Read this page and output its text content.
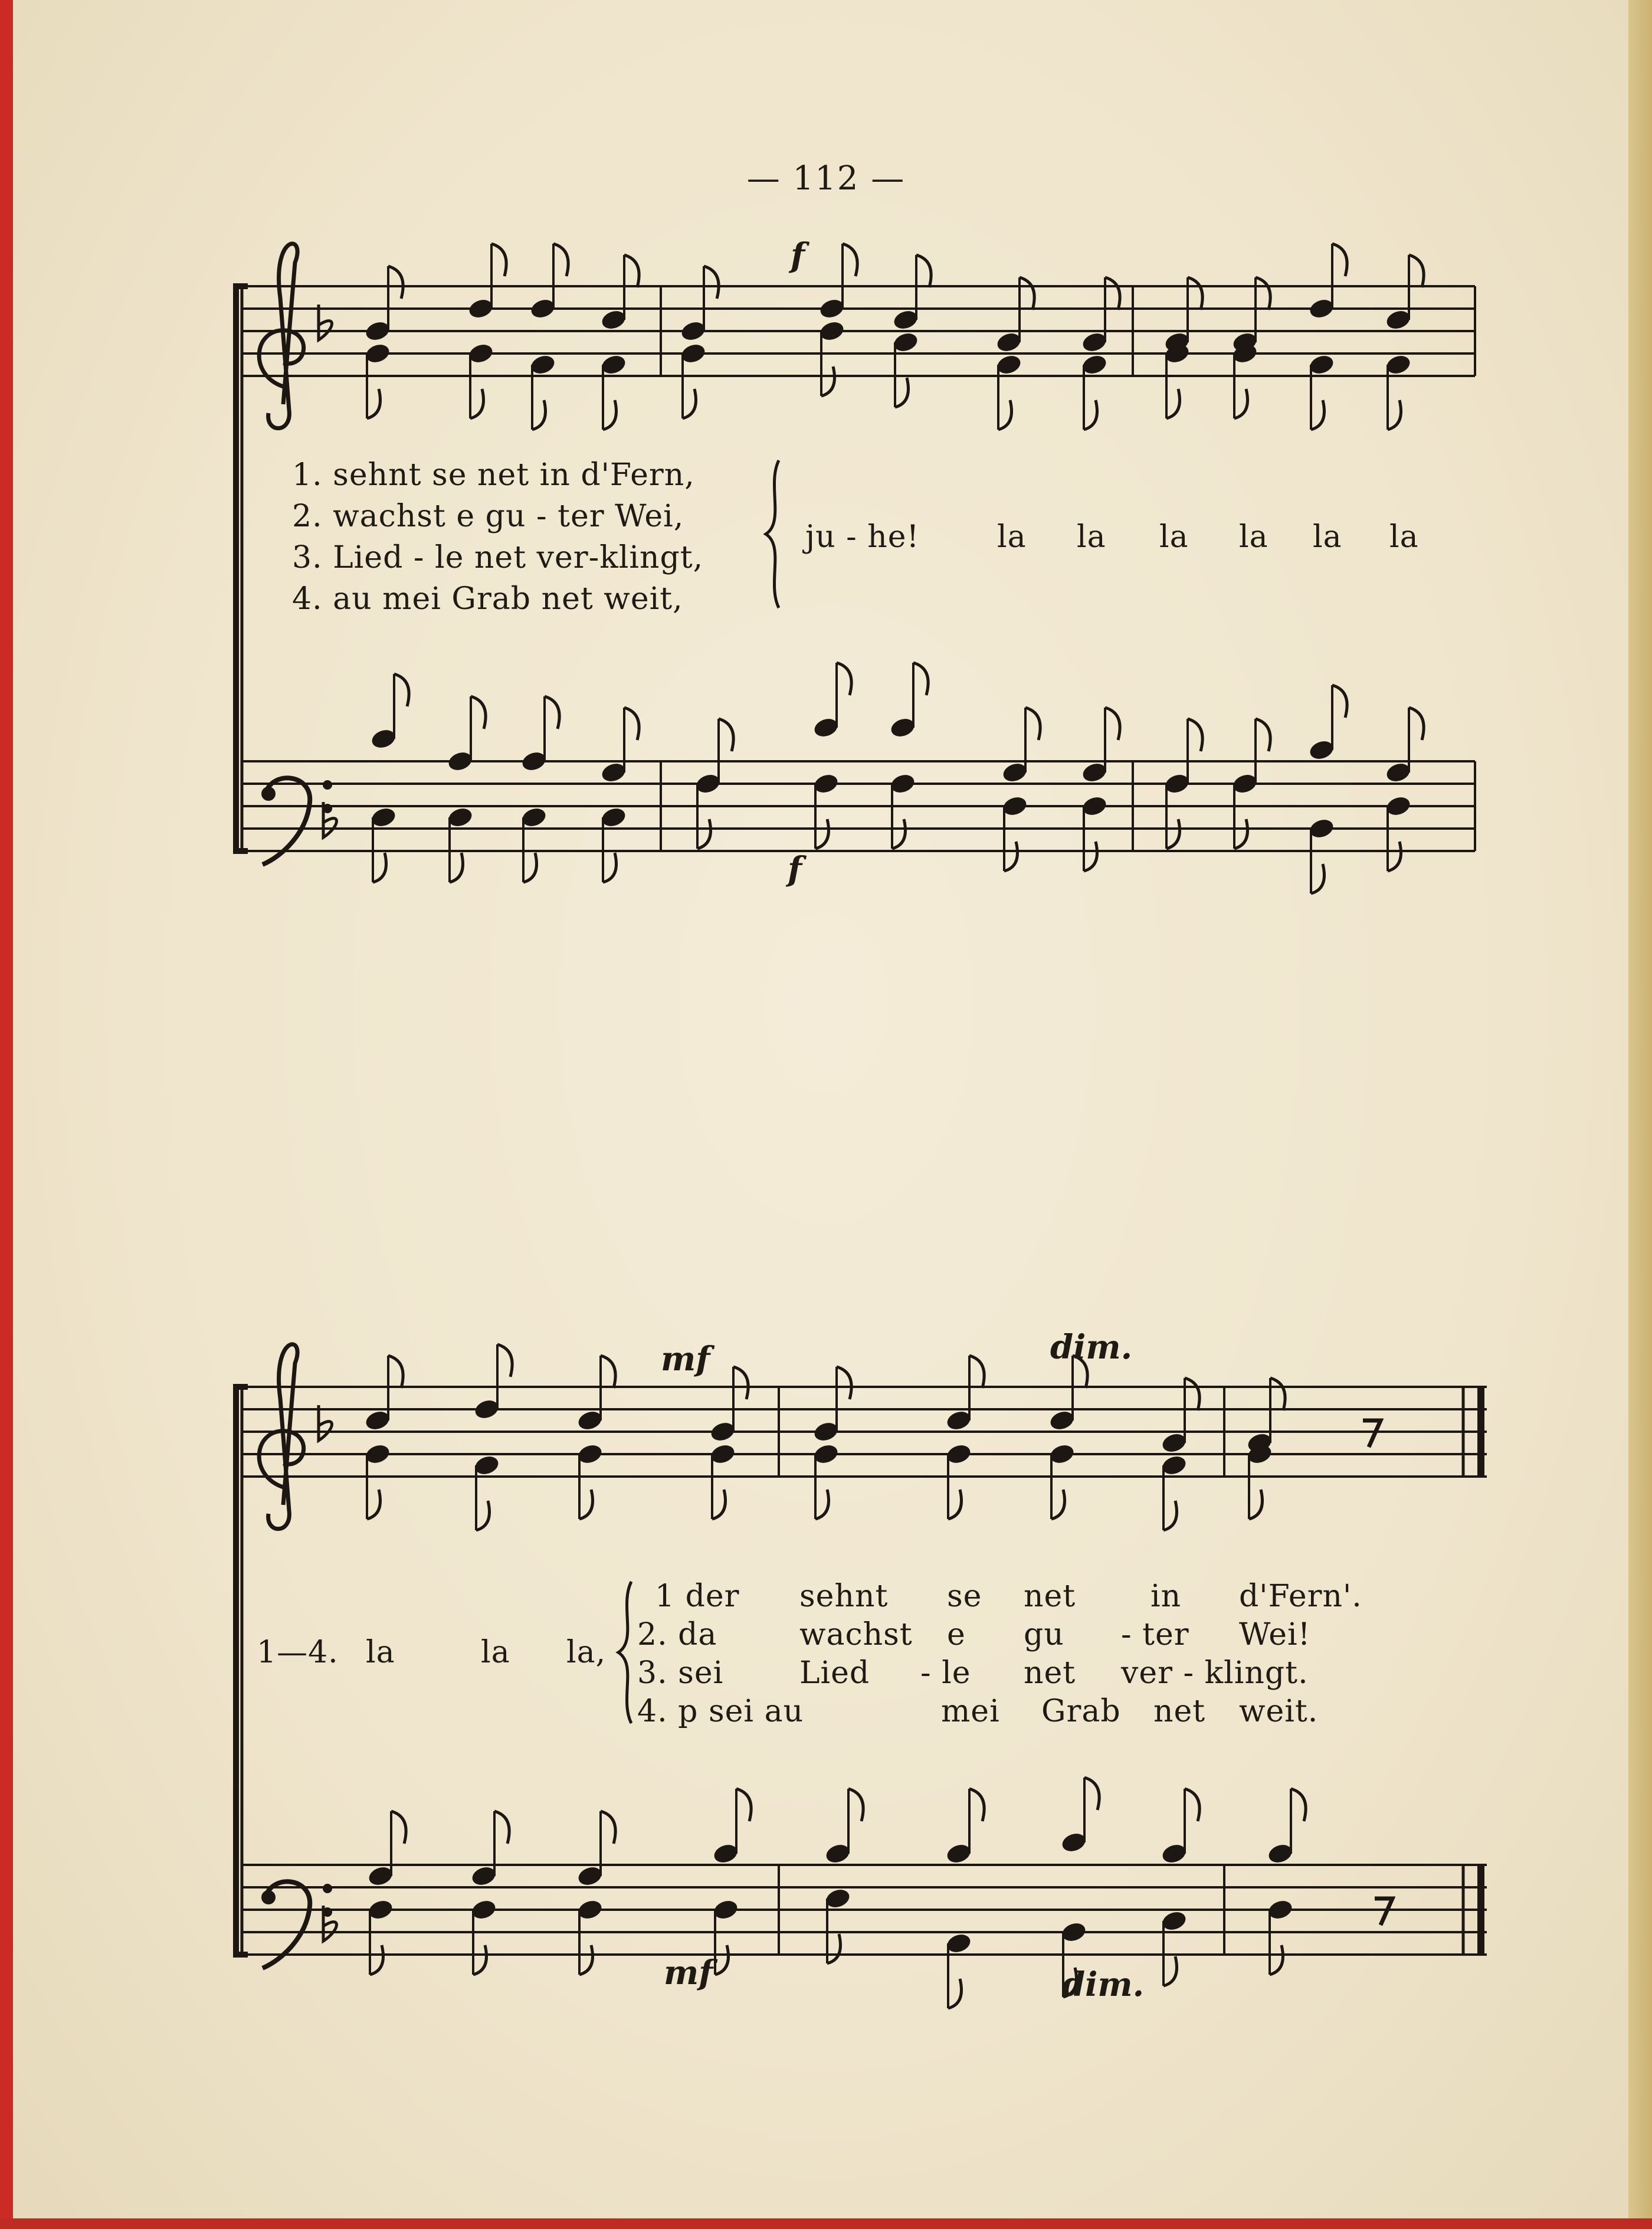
— 112 —
f
f
1. sehnt se net in d'Fern,
2. wachst e gu - ter Wei,
3. Lied - le net ver-klingt,
4. au mei Grab net weit,
ju - he!	la la la la la la
mf	dim.
mf	dim.
1—4. la	la la,
1 der sehnt se net in d'Fern'.
2. da	wachst e gu - ter Wei!
3. sei Lied - le net ver - klingt.
4. p sei au	mei Grab net weit.
